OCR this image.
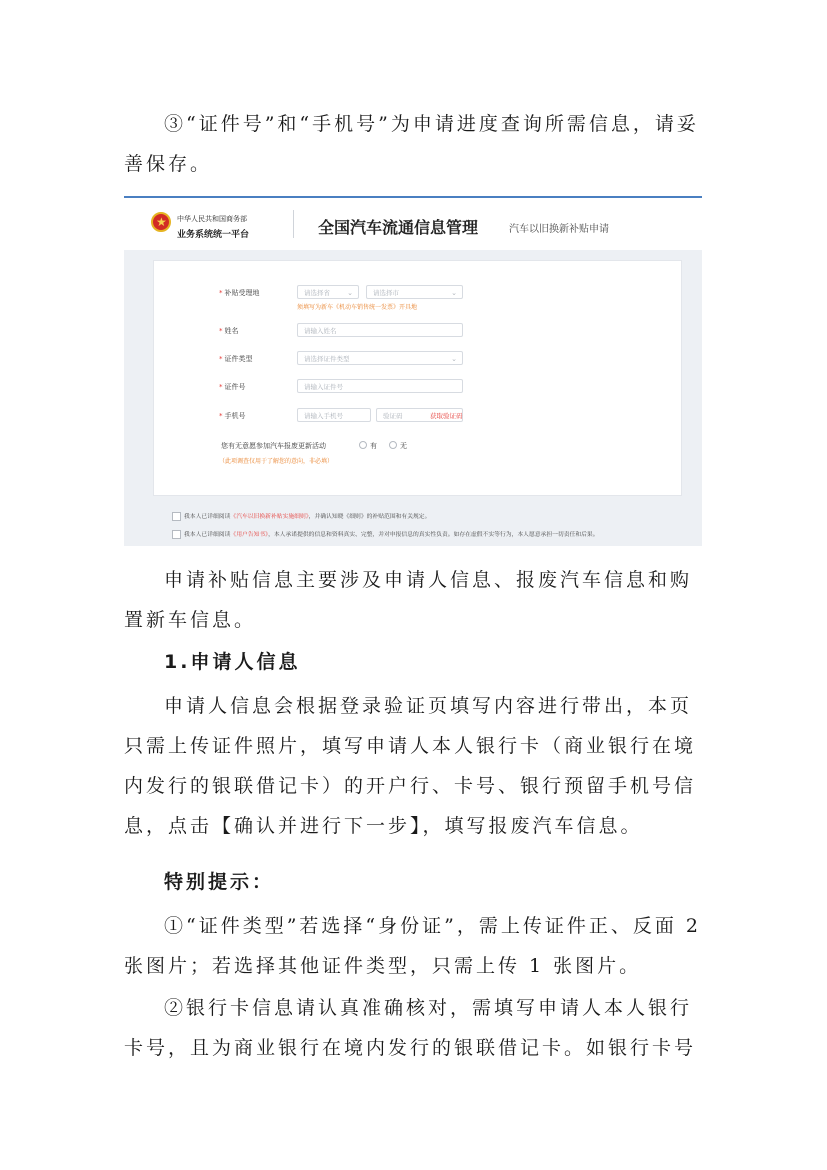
③“证件号”和“手机号”为申请进度查询所需信息，请妥
善保存。
★ 中华人民共和国商务部
业务系统统一平台	全国汽车流通信息管理	汽车以旧换新补贴申请
* 补贴受理地	请选择省 ⌄	请选择市	⌄
须填写为新车《机动车销售统一发票》开具地
* 姓名	请输入姓名
* 证件类型	请选择证件类型	⌄
* 证件号	请输入证件号
* 手机号	请输入手机号	验证码	获取验证码
您有无意愿参加汽车报废更新活动	有	无
（此项调查仅用于了解您的意向，非必填）
我本人已详细阅读《汽车以旧换新补贴实施细则》，并确认知晓《细则》的补贴范围和有关规定。
我本人已详细阅读《用户告知书》，本人承诺提供的信息和资料真实、完整，并对申报信息的真实性负责。如存在虚假不实等行为，本人愿意承担一切责任和后果。
申请补贴信息主要涉及申请人信息、报废汽车信息和购
置新车信息。
1.申请人信息
申请人信息会根据登录验证页填写内容进行带出，本页
只需上传证件照片，填写申请人本人银行卡（商业银行在境
内发行的银联借记卡）的开户行、卡号、银行预留手机号信
息，点击【确认并进行下一步】，填写报废汽车信息。
特别提示：
①“证件类型”若选择“身份证”，需上传证件正、反面 2
张图片；若选择其他证件类型，只需上传 1 张图片。
②银行卡信息请认真准确核对，需填写申请人本人银行
卡号，且为商业银行在境内发行的银联借记卡。如银行卡号
